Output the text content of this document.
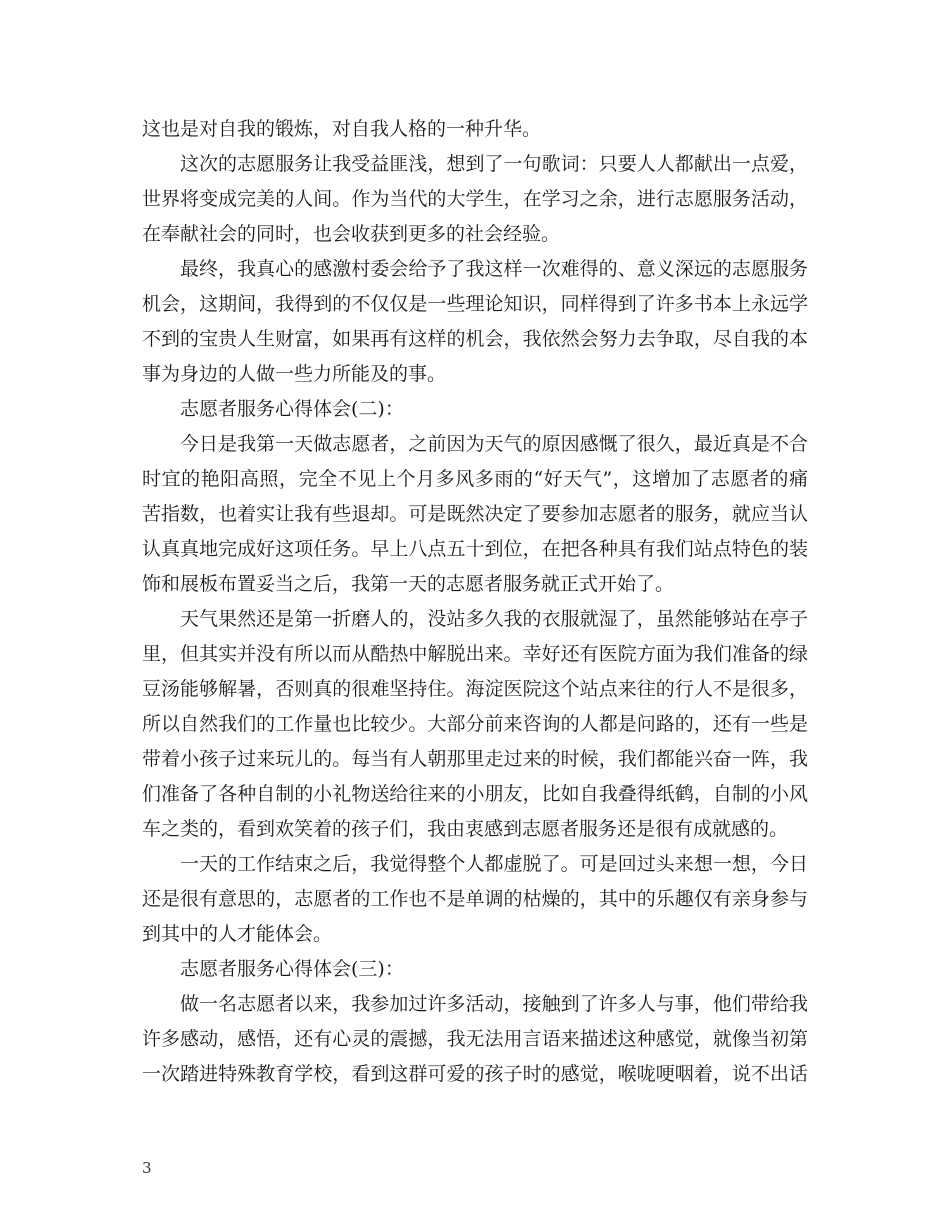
这也是对自我的锻炼，对自我人格的一种升华。
这次的志愿服务让我受益匪浅，想到了一句歌词：只要人人都献出一点爱，
世界将变成完美的人间。作为当代的大学生，在学习之余，进行志愿服务活动，
在奉献社会的同时，也会收获到更多的社会经验。
最终，我真心的感激村委会给予了我这样一次难得的、意义深远的志愿服务
机会，这期间，我得到的不仅仅是一些理论知识，同样得到了许多书本上永远学
不到的宝贵人生财富，如果再有这样的机会，我依然会努力去争取，尽自我的本
事为身边的人做一些力所能及的事。
志愿者服务心得体会(二)：
今日是我第一天做志愿者，之前因为天气的原因感慨了很久，最近真是不合
时宜的艳阳高照，完全不见上个月多风多雨的“好天气”，这增加了志愿者的痛
苦指数，也着实让我有些退却。可是既然决定了要参加志愿者的服务，就应当认
认真真地完成好这项任务。早上八点五十到位，在把各种具有我们站点特色的装
饰和展板布置妥当之后，我第一天的志愿者服务就正式开始了。
天气果然还是第一折磨人的，没站多久我的衣服就湿了，虽然能够站在亭子
里，但其实并没有所以而从酷热中解脱出来。幸好还有医院方面为我们准备的绿
豆汤能够解暑，否则真的很难坚持住。海淀医院这个站点来往的行人不是很多，
所以自然我们的工作量也比较少。大部分前来咨询的人都是问路的，还有一些是
带着小孩子过来玩儿的。每当有人朝那里走过来的时候，我们都能兴奋一阵，我
们准备了各种自制的小礼物送给往来的小朋友，比如自我叠得纸鹤，自制的小风
车之类的，看到欢笑着的孩子们，我由衷感到志愿者服务还是很有成就感的。
一天的工作结束之后，我觉得整个人都虚脱了。可是回过头来想一想，今日
还是很有意思的，志愿者的工作也不是单调的枯燥的，其中的乐趣仅有亲身参与
到其中的人才能体会。
志愿者服务心得体会(三)：
做一名志愿者以来，我参加过许多活动，接触到了许多人与事，他们带给我
许多感动，感悟，还有心灵的震撼，我无法用言语来描述这种感觉，就像当初第
一次踏进特殊教育学校，看到这群可爱的孩子时的感觉，喉咙哽咽着，说不出话
3
